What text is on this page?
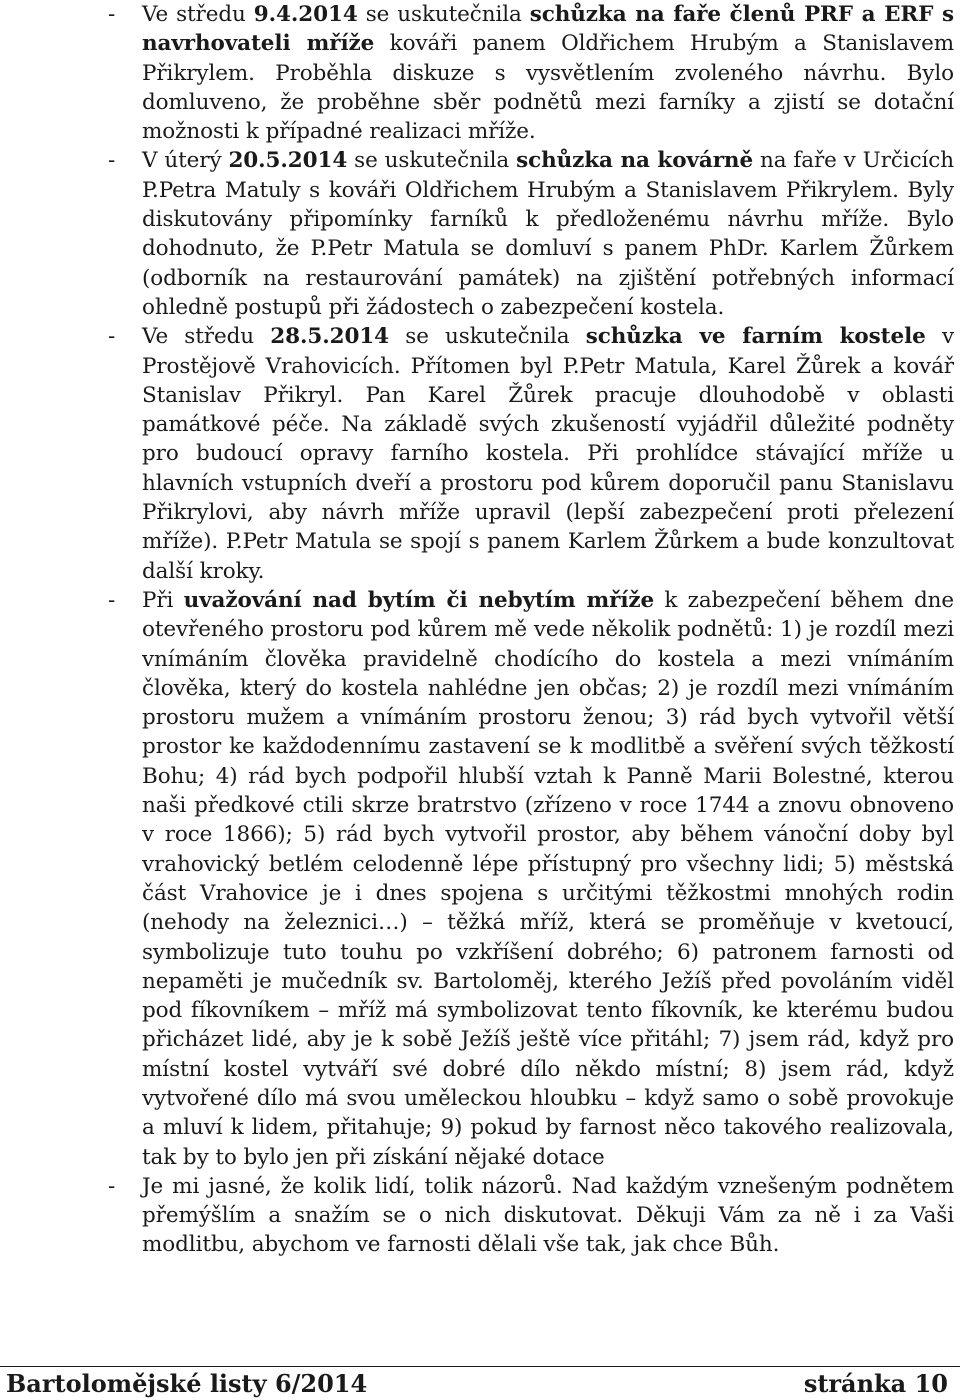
- Ve středu 9.4.2014 se uskutečnila schůzka na faře členů PRF a ERF s navrhovateli mříže kováři panem Oldřichem Hrubým a Stanislavem Přikrylem. Proběhla diskuze s vysvětlením zvoleného návrhu. Bylo domluveno, že proběhne sběr podnětů mezi farníky a zjistí se dotační možnosti k případné realizaci mříže.
- V úterý 20.5.2014 se uskutečnila schůzka na kovárně na faře v Určicích P.Petra Matuly s kováři Oldřichem Hrubým a Stanislavem Přikrylem. Byly diskutovány připomínky farníků k předloženému návrhu mříže. Bylo dohodnuto, že P.Petr Matula se domluví s panem PhDr. Karlem Žůrkem (odborník na restaurování památek) na zjištění potřebných informací ohledně postupů při žádostech o zabezpečení kostela.
- Ve středu 28.5.2014 se uskutečnila schůzka ve farním kostele v Prostějově Vrahovicích. Přítomen byl P.Petr Matula, Karel Žůrek a kovář Stanislav Přikryl. Pan Karel Žůrek pracuje dlouhodobě v oblasti památkové péče. Na základě svých zkušeností vyjádřil důležité podněty pro budoucí opravy farního kostela. Při prohlídce stávající mříže u hlavních vstupních dveří a prostoru pod kůrem doporučil panu Stanislavu Přikrylovi, aby návrh mříže upravil (lepší zabezpečení proti přelezení mříže). P.Petr Matula se spojí s panem Karlem Žůrkem a bude konzultovat další kroky.
- Při uvažování nad bytím či nebytím mříže k zabezpečení během dne otevřeného prostoru pod kůrem mě vede několik podnětů: 1) je rozdíl mezi vnímáním člověka pravidelně chodícího do kostela a mezi vnímáním člověka, který do kostela nahlédne jen občas; 2) je rozdíl mezi vnímáním prostoru mužem a vnímáním prostoru ženou; 3) rád bych vytvořil větší prostor ke každodennímu zastavení se k modlitbě a svěření svých těžkostí Bohu; 4) rád bych podpořil hlubší vztah k Panně Marii Bolestné, kterou naši předkové ctili skrze bratrstvo (zřízeno v roce 1744 a znovu obnoveno v roce 1866); 5) rád bych vytvořil prostor, aby během vánoční doby byl vrahovický betlém celodenně lépe přístupný pro všechny lidi; 5) městská část Vrahovice je i dnes spojena s určitými těžkostmi mnohých rodin (nehody na železnici…) – těžká mříž, která se proměňuje v kvetoucí, symbolizuje tuto touhu po vzkříšení dobrého; 6) patronem farnosti od nepaměti je mučedník sv. Bartoloměj, kterého Ježíš před povoláním viděl pod fíkovníkem – mříž má symbolizovat tento fíkovník, ke kterému budou přicházet lidé, aby je k sobě Ježíš ještě více přitáhl; 7) jsem rád, když pro místní kostel vytváří své dobré dílo někdo místní; 8) jsem rád, když vytvořené dílo má svou uměleckou hloubku – když samo o sobě provokuje a mluví k lidem, přitahuje; 9) pokud by farnost něco takového realizovala, tak by to bylo jen při získání nějaké dotace
- Je mi jasné, že kolik lidí, tolik názorů. Nad každým vznešeným podnětem přemýšlím a snažím se o nich diskutovat. Děkuji Vám za ně i za Vaši modlitbu, abychom ve farnosti dělali vše tak, jak chce Bůh.
Bartolomějské listy 6/2014	stránka 10
